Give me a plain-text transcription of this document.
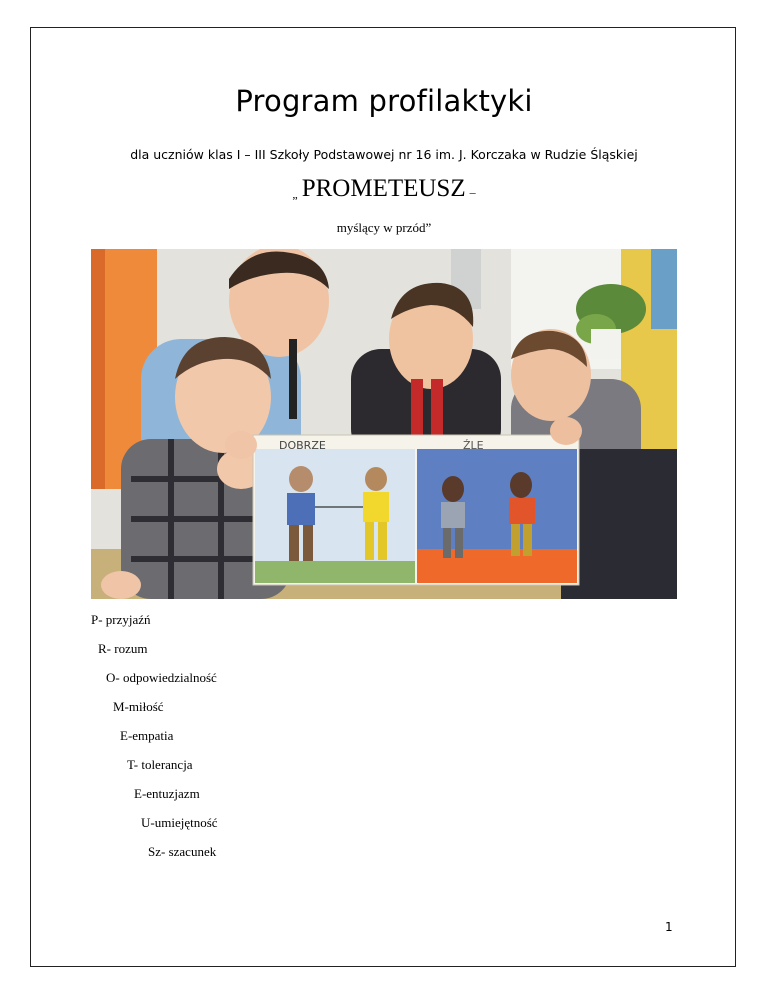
Program profilaktyki
dla uczniów klas I – III Szkoły Podstawowej nr 16 im. J. Korczaka w Rudzie Śląskiej
„ PROMETEUSZ –
myślący w przód”
DOBRZE	ŹLE
P- przyjaźń
R- rozum
O- odpowiedzialność
M-miłość
E-empatia
T- tolerancja
E-entuzjazm
U-umiejętność
Sz- szacunek
1
